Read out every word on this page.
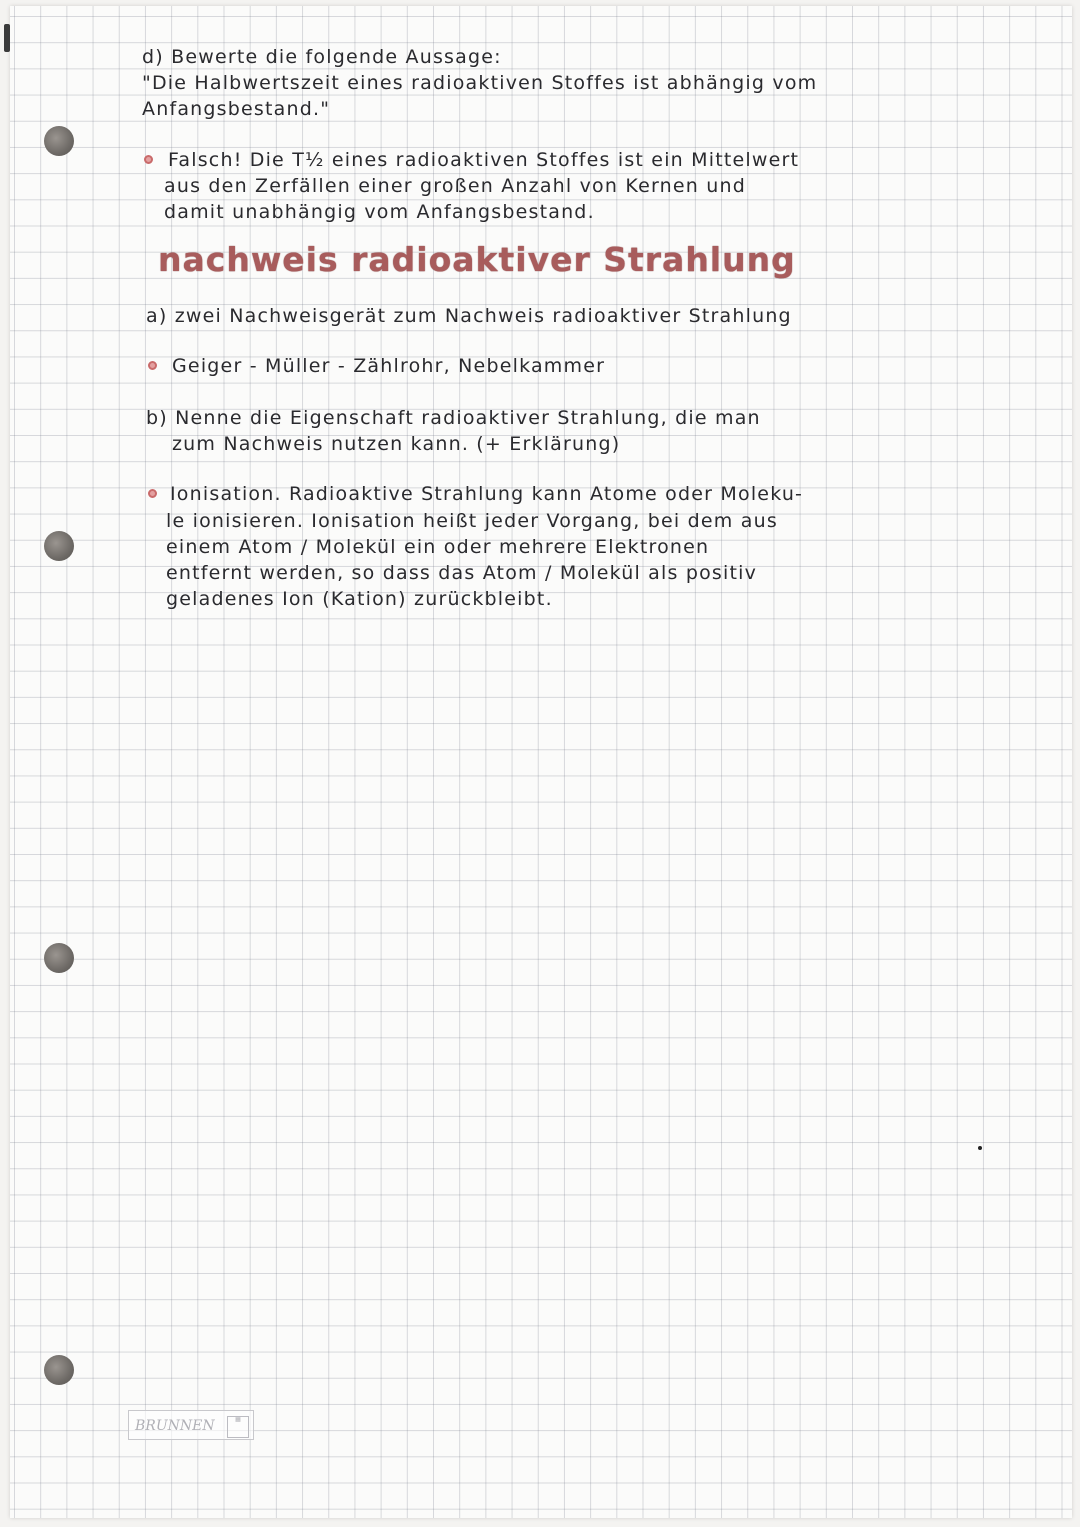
d) Bewerte die folgende Aussage:
"Die Halbwertszeit eines radioaktiven Stoffes ist abhängig vom
Anfangsbestand."
Falsch! Die T½ eines radioaktiven Stoffes ist ein Mittelwert
aus den Zerfällen einer großen Anzahl von Kernen und
damit unabhängig vom Anfangsbestand.
nachweis radioaktiver Strahlung
a) zwei Nachweisgerät zum Nachweis radioaktiver Strahlung
Geiger - Müller - Zählrohr, Nebelkammer
b) Nenne die Eigenschaft radioaktiver Strahlung, die man
zum Nachweis nutzen kann. (+ Erklärung)
Ionisation. Radioaktive Strahlung kann Atome oder Moleku-
le ionisieren. Ionisation heißt jeder Vorgang, bei dem aus
einem Atom / Molekül ein oder mehrere Elektronen
entfernt werden, so dass das Atom / Molekül als positiv
geladenes Ion (Kation) zurückbleibt.
BRUNNEN	▦
